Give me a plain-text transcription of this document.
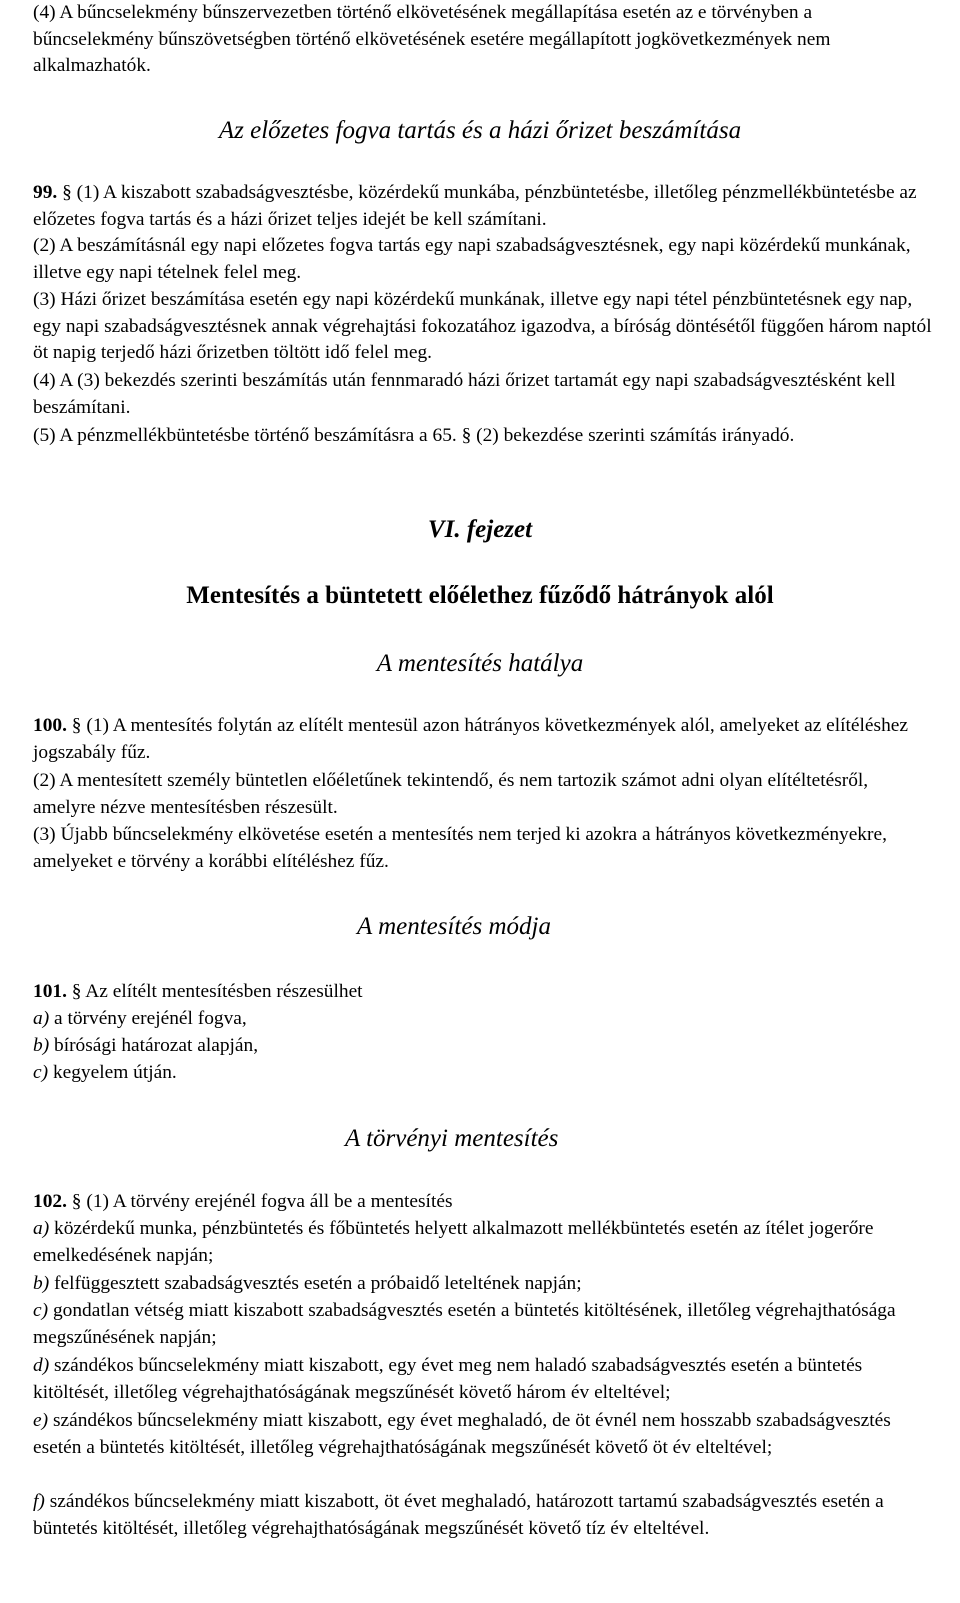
(4) A bűncselekmény bűnszervezetben történő elkövetésének megállapítása esetén az e törvényben a bűncselekmény bűnszövetségben történő elkövetésének esetére megállapított jogkövetkezmények nem alkalmazhatók.

Az előzetes fogva tartás és a házi őrizet beszámítása

99. § (1) A kiszabott szabadságvesztésbe, közérdekű munkába, pénzbüntetésbe, illetőleg pénzmellékbüntetésbe az előzetes fogva tartás és a házi őrizet teljes idejét be kell számítani.

(2) A beszámításnál egy napi előzetes fogva tartás egy napi szabadságvesztésnek, egy napi közérdekű munkának, illetve egy napi tételnek felel meg.

(3) Házi őrizet beszámítása esetén egy napi közérdekű munkának, illetve egy napi tétel pénzbüntetésnek egy nap, egy napi szabadságvesztésnek annak végrehajtási fokozatához igazodva, a bíróság döntésétől függően három naptól öt napig terjedő házi őrizetben töltött idő felel meg.

(4) A (3) bekezdés szerinti beszámítás után fennmaradó házi őrizet tartamát egy napi szabadságvesztésként kell beszámítani.

(5) A pénzmellékbüntetésbe történő beszámításra a 65. § (2) bekezdése szerinti számítás irányadó.

VI. fejezet
Mentesítés a büntetett előélethez fűződő hátrányok alól
A mentesítés hatálya

100. § (1) A mentesítés folytán az elítélt mentesül azon hátrányos következmények alól, amelyeket az elítéléshez jogszabály fűz.

(2) A mentesített személy büntetlen előéletűnek tekintendő, és nem tartozik számot adni olyan elítéltetésről, amelyre nézve mentesítésben részesült.

(3) Újabb bűncselekmény elkövetése esetén a mentesítés nem terjed ki azokra a hátrányos következményekre, amelyeket e törvény a korábbi elítéléshez fűz.

A mentesítés módja

101. § Az elítélt mentesítésben részesülhet

a) a törvény erejénél fogva,

b) bírósági határozat alapján,

c) kegyelem útján.

A törvényi mentesítés

102. § (1) A törvény erejénél fogva áll be a mentesítés

a) közérdekű munka, pénzbüntetés és főbüntetés helyett alkalmazott mellékbüntetés esetén az ítélet jogerőre emelkedésének napján;

b) felfüggesztett szabadságvesztés esetén a próbaidő leteltének napján;

c) gondatlan vétség miatt kiszabott szabadságvesztés esetén a büntetés kitöltésének, illetőleg végrehajthatósága megszűnésének napján;

d) szándékos bűncselekmény miatt kiszabott, egy évet meg nem haladó szabadságvesztés esetén a büntetés kitöltését, illetőleg végrehajthatóságának megszűnését követő három év elteltével;

e) szándékos bűncselekmény miatt kiszabott, egy évet meghaladó, de öt évnél nem hosszabb szabadságvesztés esetén a büntetés kitöltését, illetőleg végrehajthatóságának megszűnését követő öt év elteltével;

f) szándékos bűncselekmény miatt kiszabott, öt évet meghaladó, határozott tartamú szabadságvesztés esetén a büntetés kitöltését, illetőleg végrehajthatóságának megszűnését követő tíz év elteltével.
